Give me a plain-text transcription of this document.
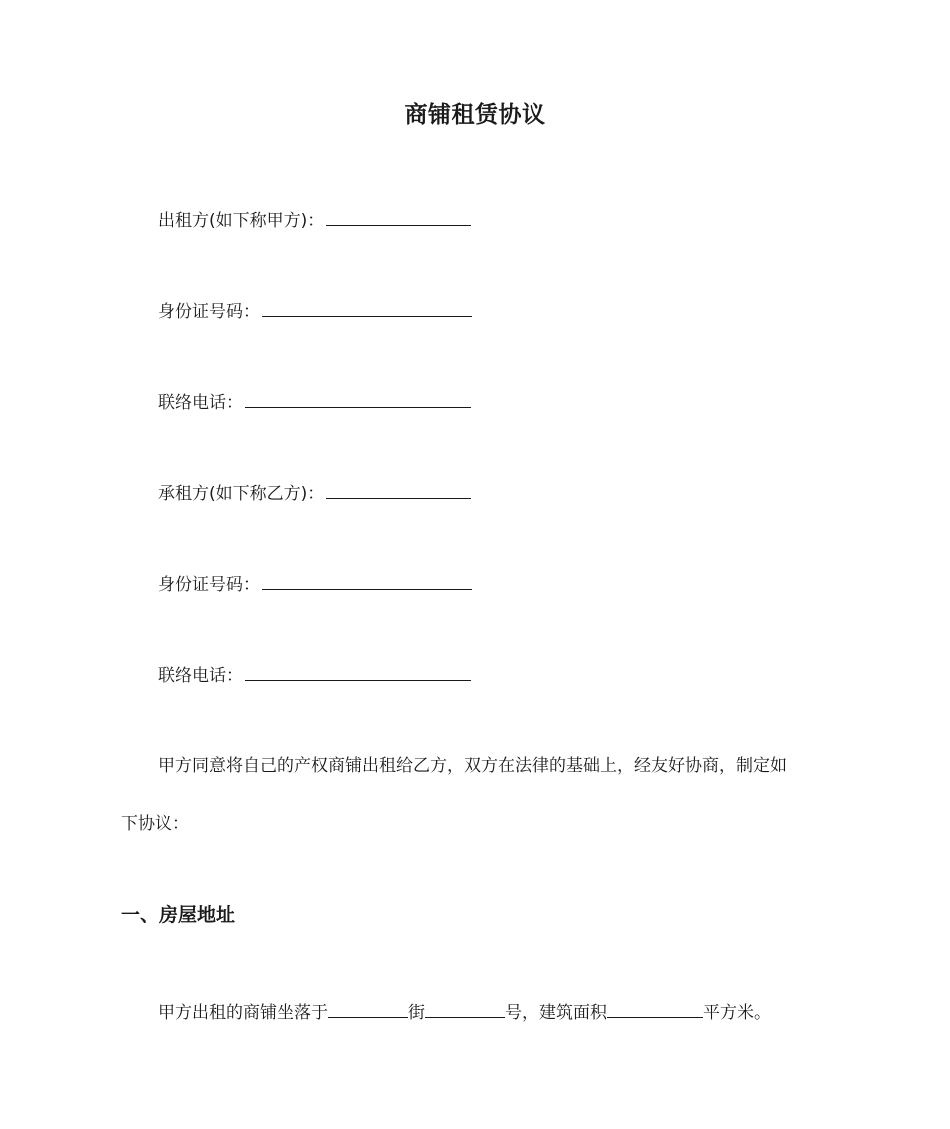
商铺租赁协议
出租方(如下称甲方)：
身份证号码：
联络电话：
承租方(如下称乙方)：
身份证号码：
联络电话：
甲方同意将自己的产权商铺出租给乙方，双方在法律的基础上，经友好协商，制定如
下协议：
一、房屋地址
甲方出租的商铺坐落于	街	号，建筑面积	平方米。
